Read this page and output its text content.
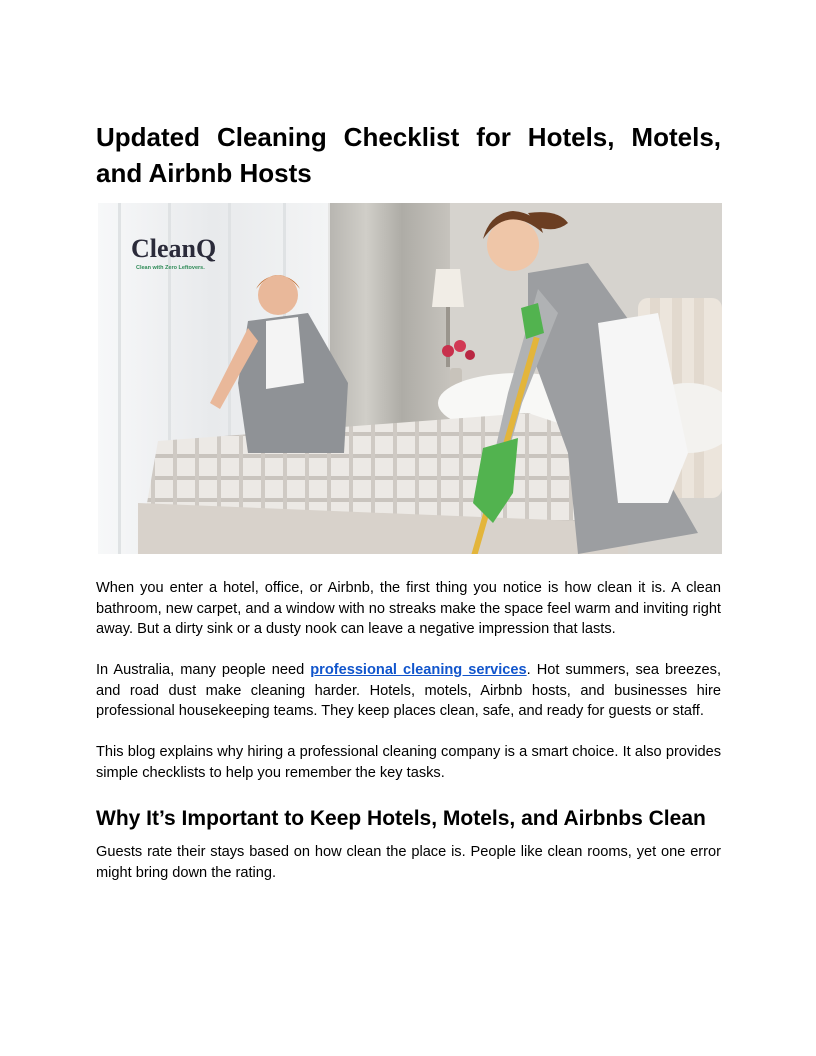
Updated Cleaning Checklist for Hotels, Motels, and Airbnb Hosts
CleanQ
Clean with Zero Leftovers.

When you enter a hotel, office, or Airbnb, the first thing you notice is how clean it is. A clean bathroom, new carpet, and a window with no streaks make the space feel warm and inviting right away. But a dirty sink or a dusty nook can leave a negative impression that lasts.

In Australia, many people need professional cleaning services. Hot summers, sea breezes, and road dust make cleaning harder. Hotels, motels, Airbnb hosts, and businesses hire professional housekeeping teams. They keep places clean, safe, and ready for guests or staff.

This blog explains why hiring a professional cleaning company is a smart choice. It also provides simple checklists to help you remember the key tasks.

Why It’s Important to Keep Hotels, Motels, and Airbnbs Clean

Guests rate their stays based on how clean the place is. People like clean rooms, yet one error might bring down the rating.
